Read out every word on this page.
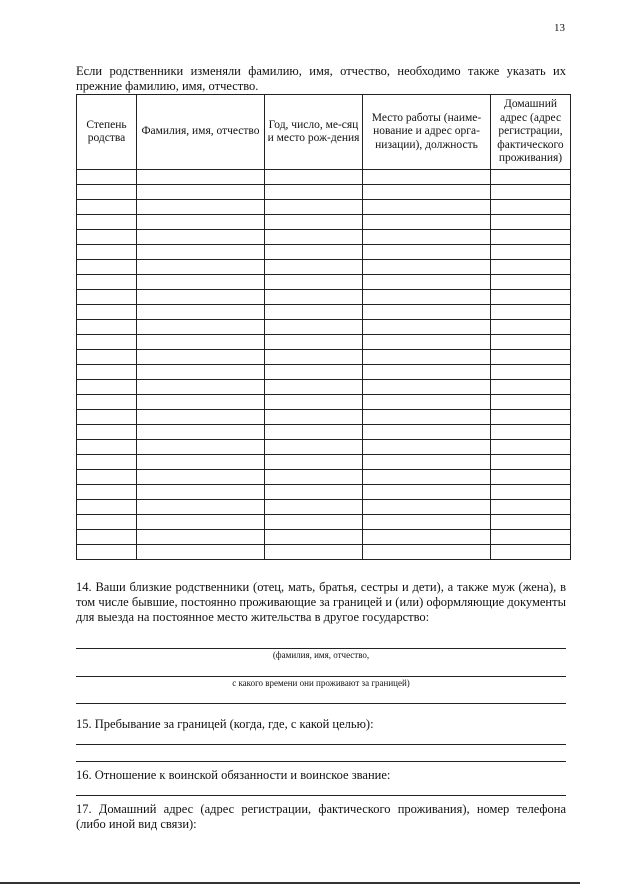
13
Если родственники изменяли фамилию, имя, отчество, необходимо также указать их прежние фамилию, имя, отчество.
Степень родства	Фамилия, имя, отчество	Год, число, ме-сяц и место рож-дения	Место работы (наиме-нование и адрес орга-низации), должность	Домашний адрес (адрес регистрации, фактического проживания)

14. Ваши близкие родственники (отец, мать, братья, сестры и дети), а также муж (жена), в том числе бывшие, постоянно проживающие за границей и (или) оформляющие документы для выезда на постоянное место жительства в другое государство:
(фамилия, имя, отчество,
с какого времени они проживают за границей)
15. Пребывание за границей (когда, где, с какой целью):
16. Отношение к воинской обязанности и воинское звание:
17. Домашний адрес (адрес регистрации, фактического проживания), номер телефона (либо иной вид связи):
